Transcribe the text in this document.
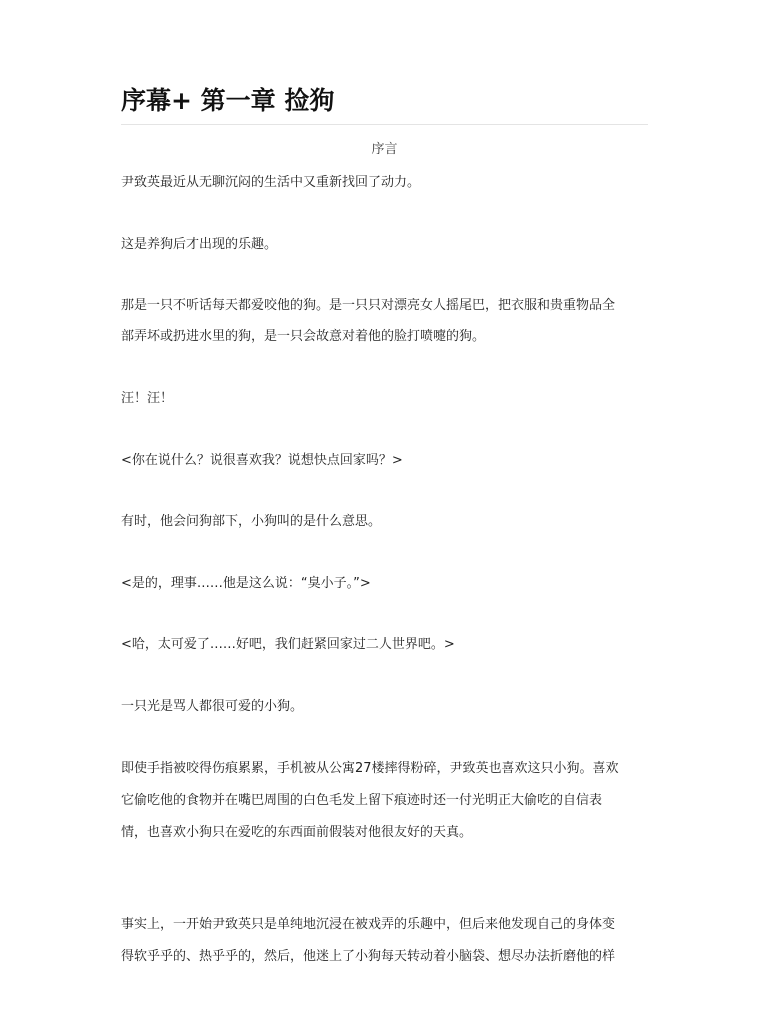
序幕+ 第一章 捡狗
序言

尹致英最近从无聊沉闷的生活中又重新找回了动力。

这是养狗后才出现的乐趣。

那是一只不听话每天都爱咬他的狗。是一只只对漂亮女人摇尾巴，把衣服和贵重物品全

部弄坏或扔进水里的狗，是一只会故意对着他的脸打喷嚏的狗。

汪！汪！

<你在说什么？说很喜欢我？说想快点回家吗？>

有时，他会问狗部下，小狗叫的是什么意思。

<是的，理事……他是这么说：“臭小子。”>

<哈，太可爱了……好吧，我们赶紧回家过二人世界吧。>

一只光是骂人都很可爱的小狗。

即使手指被咬得伤痕累累，手机被从公寓27楼摔得粉碎，尹致英也喜欢这只小狗。喜欢

它偷吃他的食物并在嘴巴周围的白色毛发上留下痕迹时还一付光明正大偷吃的自信表

情，也喜欢小狗只在爱吃的东西面前假装对他很友好的天真。

事实上，一开始尹致英只是单纯地沉浸在被戏弄的乐趣中，但后来他发现自己的身体变

得软乎乎的、热乎乎的，然后，他迷上了小狗每天转动着小脑袋、想尽办法折磨他的样
